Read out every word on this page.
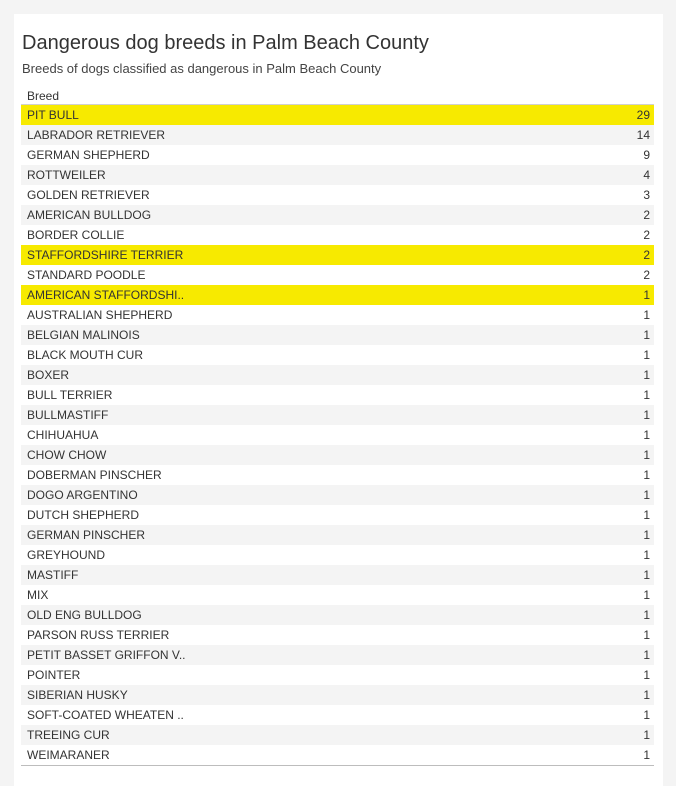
Dangerous dog breeds in Palm Beach County
Breeds of dogs classified as dangerous in Palm Beach County
Breed
PIT BULL	29
LABRADOR RETRIEVER	14
GERMAN SHEPHERD	9
ROTTWEILER	4
GOLDEN RETRIEVER	3
AMERICAN BULLDOG	2
BORDER COLLIE	2
STAFFORDSHIRE TERRIER	2
STANDARD POODLE	2
AMERICAN STAFFORDSHI..	1
AUSTRALIAN SHEPHERD	1
BELGIAN MALINOIS	1
BLACK MOUTH CUR	1
BOXER	1
BULL TERRIER	1
BULLMASTIFF	1
CHIHUAHUA	1
CHOW CHOW	1
DOBERMAN PINSCHER	1
DOGO ARGENTINO	1
DUTCH SHEPHERD	1
GERMAN PINSCHER	1
GREYHOUND	1
MASTIFF	1
MIX	1
OLD ENG BULLDOG	1
PARSON RUSS TERRIER	1
PETIT BASSET GRIFFON V..	1
POINTER	1
SIBERIAN HUSKY	1
SOFT-COATED WHEATEN ..	1
TREEING CUR	1
WEIMARANER	1
